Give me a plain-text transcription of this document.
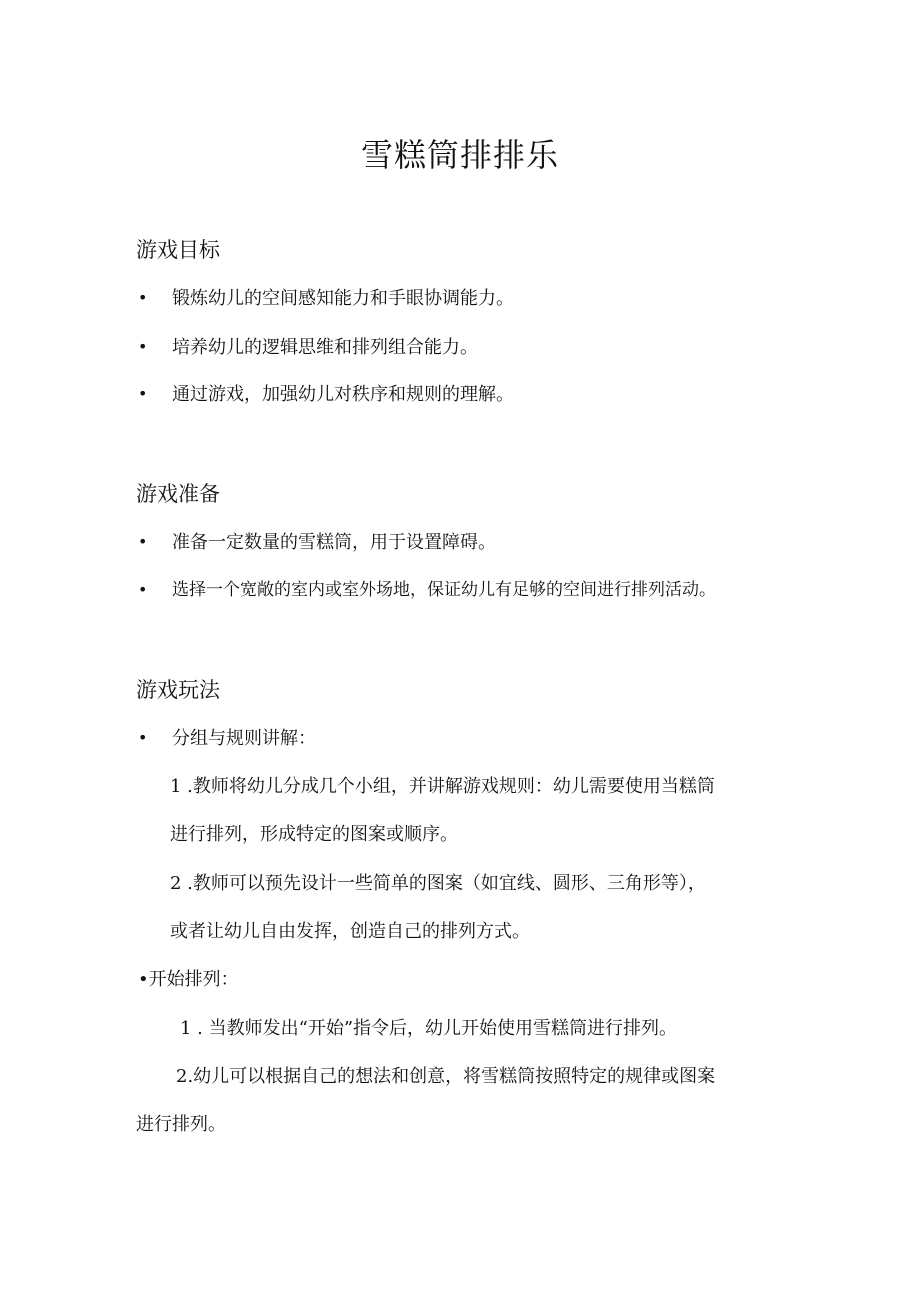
雪糕筒排排乐
游戏目标
• 锻炼幼儿的空间感知能力和手眼协调能力。
• 培养幼儿的逻辑思维和排列组合能力。
• 通过游戏，加强幼儿对秩序和规则的理解。
游戏准备
• 准备一定数量的雪糕筒，用于设置障碍。
• 选择一个宽敞的室内或室外场地，保证幼儿有足够的空间进行排列活动。
游戏玩法
• 分组与规则讲解：
1 .教师将幼儿分成几个小组，并讲解游戏规则：幼儿需要使用当糕筒
进行排列，形成特定的图案或顺序。
2 .教师可以预先设计一些简单的图案（如宜线、圆形、三角形等），
或者让幼儿自由发挥，创造自己的排列方式。
•开始排列：
1 . 当教师发出“开始”指令后，幼儿开始使用雪糕筒进行排列。
2.幼儿可以根据自己的想法和创意，将雪糕筒按照特定的规律或图案
进行排列。
